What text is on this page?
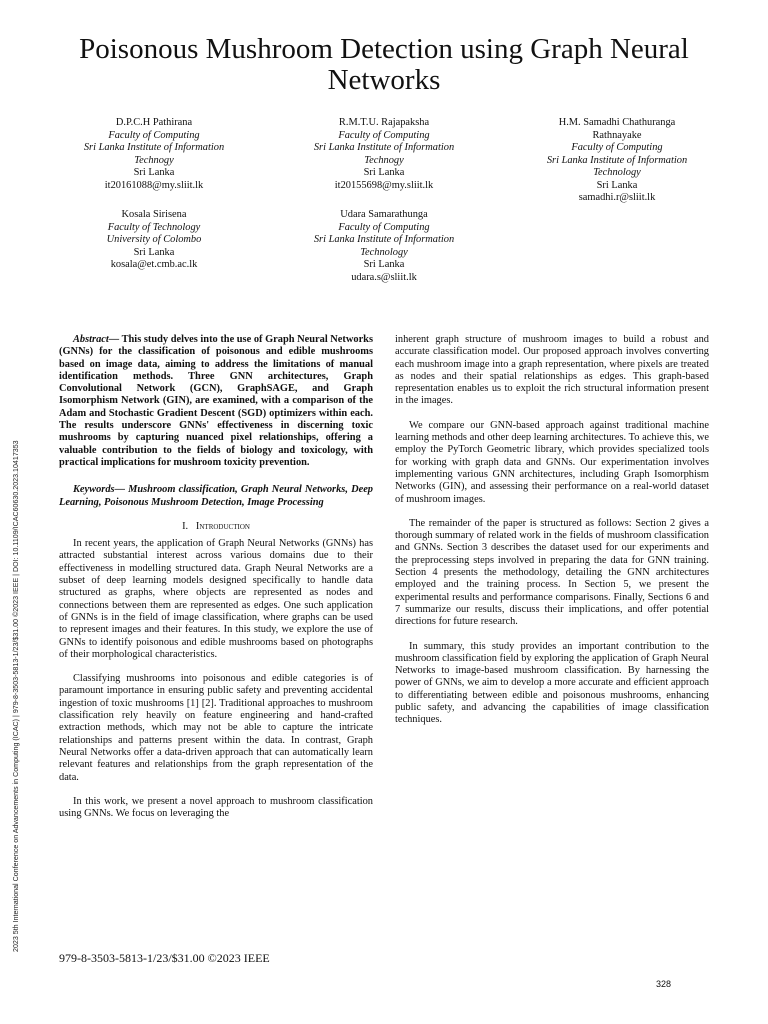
2023 5th International Conference on Advancements in Computing (ICAC) | 979-8-3503-5813-1/23/$31.00 ©2023 IEEE | DOI: 10.1109/ICAC60630.2023.10417353
Poisonous Mushroom Detection using Graph Neural Networks
D.P.C.H Pathirana
Faculty of Computing
Sri Lanka Institute of Information
Technogy
Sri Lanka
it20161088@my.sliit.lk
R.M.T.U. Rajapaksha
Faculty of Computing
Sri Lanka Institute of Information
Technogy
Sri Lanka
it20155698@my.sliit.lk
H.M. Samadhi Chathuranga
Rathnayake
Faculty of Computing
Sri Lanka Institute of Information
Technology
Sri Lanka
samadhi.r@sliit.lk
Kosala Sirisena
Faculty of Technology
University of Colombo
Sri Lanka
kosala@et.cmb.ac.lk
Udara Samarathunga
Faculty of Computing
Sri Lanka Institute of Information
Technology
Sri Lanka
udara.s@sliit.lk

Abstract— This study delves into the use of Graph Neural Networks (GNNs) for the classification of poisonous and edible mushrooms based on image data, aiming to address the limitations of manual identification methods. Three GNN architectures, Graph Convolutional Network (GCN), GraphSAGE, and Graph Isomorphism Network (GIN), are examined, with a comparison of the Adam and Stochastic Gradient Descent (SGD) optimizers within each. The results underscore GNNs' effectiveness in discerning toxic mushrooms by capturing nuanced pixel relationships, offering a valuable contribution to the fields of biology and toxicology, with practical implications for mushroom toxicity prevention.

Keywords— Mushroom classification, Graph Neural Networks, Deep Learning, Poisonous Mushroom Detection, Image Processing

I. Introduction

In recent years, the application of Graph Neural Networks (GNNs) has attracted substantial interest across various domains due to their effectiveness in modelling structured data. Graph Neural Networks are a subset of deep learning models designed specifically to handle data structured as graphs, where objects are represented as nodes and connections between them are represented as edges. One such application of GNNs is in the field of image classification, where graphs can be used to represent images and their features. In this study, we explore the use of GNNs to identify poisonous and edible mushrooms based on photographs of their morphological characteristics.

Classifying mushrooms into poisonous and edible categories is of paramount importance in ensuring public safety and preventing accidental ingestion of toxic mushrooms [1] [2]. Traditional approaches to mushroom classification rely heavily on feature engineering and hand-crafted extraction methods, which may not be able to capture the intricate relationships and patterns present within the data. In contrast, Graph Neural Networks offer a data-driven approach that can automatically learn relevant features and relationships from the graph representation of the data.

In this work, we present a novel approach to mushroom classification using GNNs. We focus on leveraging the

inherent graph structure of mushroom images to build a robust and accurate classification model. Our proposed approach involves converting each mushroom image into a graph representation, where pixels are treated as nodes and their spatial relationships as edges. This graph-based representation enables us to exploit the rich structural information present in the images.

We compare our GNN-based approach against traditional machine learning methods and other deep learning architectures. To achieve this, we employ the PyTorch Geometric library, which provides specialized tools for working with graph data and GNNs. Our experimentation involves implementing various GNN architectures, including Graph Isomorphism Networks (GIN), and assessing their performance on a real-world dataset of mushroom images.

The remainder of the paper is structured as follows: Section 2 gives a thorough summary of related work in the fields of mushroom classification and GNNs. Section 3 describes the dataset used for our experiments and the preprocessing steps involved in preparing the data for GNN training. Section 4 presents the methodology, detailing the GNN architectures employed and the training process. In Section 5, we present the experimental results and performance comparisons. Finally, Sections 6 and 7 summarize our results, discuss their implications, and offer potential directions for future research.

In summary, this study provides an important contribution to the mushroom classification field by exploring the application of Graph Neural Networks to image-based mushroom classification. By harnessing the power of GNNs, we aim to develop a more accurate and efficient approach to differentiating between edible and poisonous mushrooms, enhancing public safety, and advancing the capabilities of image classification techniques.

979-8-3503-5813-1/23/$31.00 ©2023 IEEE
328
